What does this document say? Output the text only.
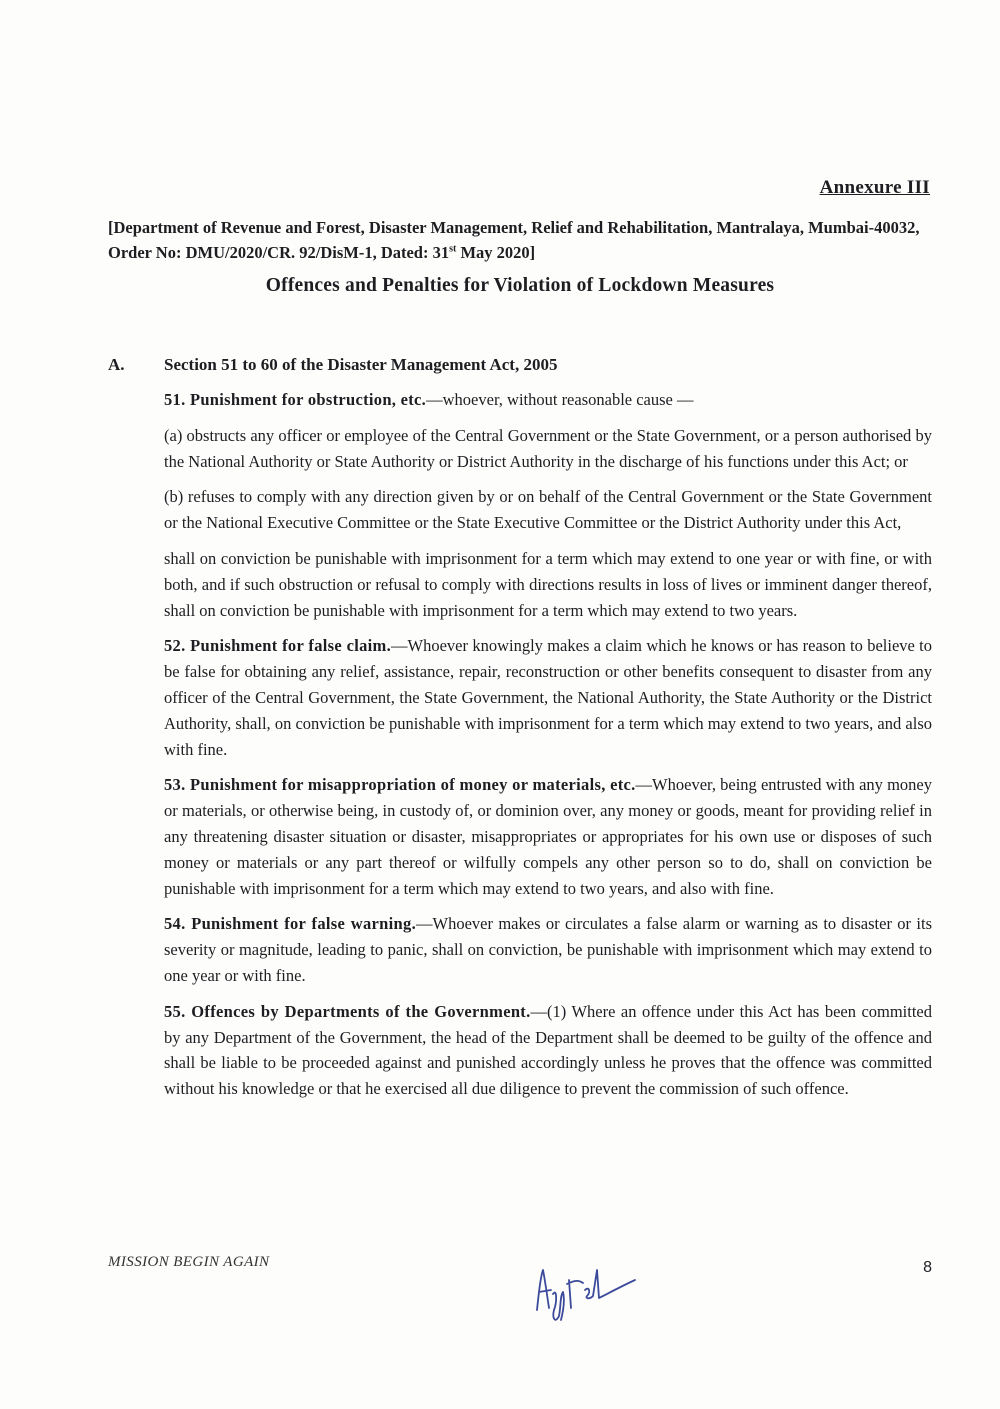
Annexure III
[Department of Revenue and Forest, Disaster Management, Relief and Rehabilitation, Mantralaya, Mumbai-40032, Order No: DMU/2020/CR. 92/DisM-1, Dated: 31st May 2020]
Offences and Penalties for Violation of Lockdown Measures
A. Section 51 to 60 of the Disaster Management Act, 2005

51. Punishment for obstruction, etc.—whoever, without reasonable cause —

(a) obstructs any officer or employee of the Central Government or the State Government, or a person authorised by the National Authority or State Authority or District Authority in the discharge of his functions under this Act; or

(b) refuses to comply with any direction given by or on behalf of the Central Government or the State Government or the National Executive Committee or the State Executive Committee or the District Authority under this Act,

shall on conviction be punishable with imprisonment for a term which may extend to one year or with fine, or with both, and if such obstruction or refusal to comply with directions results in loss of lives or imminent danger thereof, shall on conviction be punishable with imprisonment for a term which may extend to two years.

52. Punishment for false claim.—Whoever knowingly makes a claim which he knows or has reason to believe to be false for obtaining any relief, assistance, repair, reconstruction or other benefits consequent to disaster from any officer of the Central Government, the State Government, the National Authority, the State Authority or the District Authority, shall, on conviction be punishable with imprisonment for a term which may extend to two years, and also with fine.

53. Punishment for misappropriation of money or materials, etc.—Whoever, being entrusted with any money or materials, or otherwise being, in custody of, or dominion over, any money or goods, meant for providing relief in any threatening disaster situation or disaster, misappropriates or appropriates for his own use or disposes of such money or materials or any part thereof or wilfully compels any other person so to do, shall on conviction be punishable with imprisonment for a term which may extend to two years, and also with fine.

54. Punishment for false warning.—Whoever makes or circulates a false alarm or warning as to disaster or its severity or magnitude, leading to panic, shall on conviction, be punishable with imprisonment which may extend to one year or with fine.

55. Offences by Departments of the Government.—(1) Where an offence under this Act has been committed by any Department of the Government, the head of the Department shall be deemed to be guilty of the offence and shall be liable to be proceeded against and punished accordingly unless he proves that the offence was committed without his knowledge or that he exercised all due diligence to prevent the commission of such offence.

MISSION BEGIN AGAIN	8
